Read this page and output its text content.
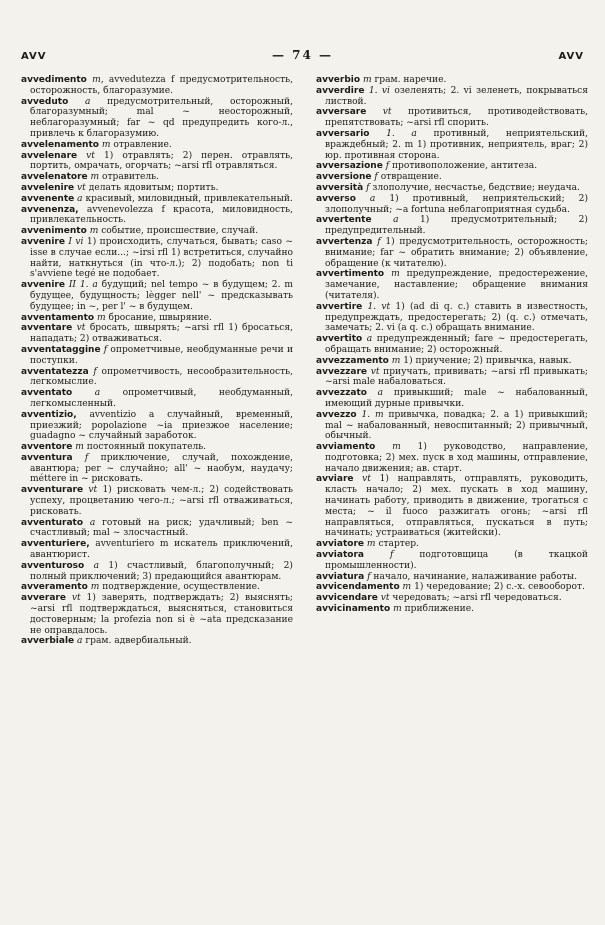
AVV	— 74 —	AVV

avvedimento m, avvedutezza f предусмотрительность, осторожность, благоразумие.

avveduto a предусмотрительный, осторожный, благоразумный; mal ~ неосторожный, неблагоразумный; far ~ qd предупредить кого-л., привлечь к благоразумию.

avvelenamento m отравление.

avvelenare vt 1) отравлять; 2) перен. отравлять, портить, омрачать, огорчать; ~arsi rfl отравляться.

avvelenatore m отравитель.

avvelenire vt делать ядовитым; портить.

avvenente a красивый, миловидный, привлекательный.

avvenenza, avvenevolezza f красота, миловидность, привлекательность.

avvenimento m событие, происшествие, случай.

avvenire I vi 1) происходить, случаться, бывать; caso ~ isse в случае если...; ~irsi rfl 1) встретиться, случайно найти, наткнуться (in что-л.); 2) подобать; non ti s'avviene tegé не подобает.

avvenire II 1. a будущий; nel tempo ~ в будущем; 2. m будущее, будущность; lègger nell' ~ предсказывать будущее; in ~, per l' ~ в будущем.

avventamento m бросание, швыряние.

avventare vt бросать, швырять; ~arsi rfl 1) бросаться, нападать; 2) отваживаться.

avventataggine f опрометчивые, необдуманные речи и поступки.

avventatezza f опрометчивость, несообразительность, легкомыслие.

avventato a опрометчивый, необдуманный, легкомысленный.

avventizio, avventizio a случайный, временный, приезжий; popolazione ~ia приезжое население; guadagno ~ случайный заработок.

avventore m постоянный покупатель.

avventura f приключение, случай, похождение, авантюра; per ~ случайно; all' ~ наобум, наудачу; méttere in ~ рисковать.

avventurare vt 1) рисковать чем-л.; 2) содействовать успеху, процветанию чего-л.; ~arsi rfl отваживаться, рисковать.

avventurato a готовый на риск; удачливый; ben ~ счастливый; mal ~ злосчастный.

avventuriere, avventuriero m искатель приключений, авантюрист.

avventuroso a 1) счастливый, благополучный; 2) полный приключений; 3) предающийся авантюрам.

avveramento m подтверждение, осуществление.

avverare vt 1) заверять, подтверждать; 2) выяснять; ~arsi rfl подтверждаться, выясняться, становиться достоверным; la profezia non si è ~ata предсказание не оправдалось.

avverbiale a грам. адвербиальный.

avverbio m грам. наречие.

avverdire 1. vi озеленять; 2. vi зеленеть, покрываться листвой.

avversare vt противиться, противодействовать, препятствовать; ~arsi rfl спорить.

avversario 1. a противный, неприятельский, враждебный; 2. m 1) противник, неприятель, враг; 2) юр. противная сторона.

avversazione f противоположение, антитеза.

avversione f отвращение.

avversità f злополучие, несчастье, бедствие; неудача.

avverso a 1) противный, неприятельский; 2) злополучный; ~a fortuna неблагоприятная судьба.

avvertente a 1) предусмотрительный; 2) предупредительный.

avvertenza f 1) предусмотрительность, осторожность; внимание; far ~ обратить внимание; 2) объявление, обращение (к читателю).

avvertimento m предупреждение, предостережение, замечание, наставление; обращение внимания (читателя).

avvertire 1. vt 1) (ad di q. c.) ставить в известность, предупреждать, предостерегать; 2) (q. c.) отмечать, замечать; 2. vi (a q. c.) обращать внимание.

avvertito a предупрежденный; fare ~ предостерегать, обращать внимание; 2) осторожный.

avvezzamento m 1) приучение; 2) привычка, навык.

avvezzare vt приучать, прививать; ~arsi rfl привыкать; ~arsi male набаловаться.

avvezzato a привыкший; male ~ набалованный, имеющий дурные привычки.

avvezzo 1. m привычка, повадка; 2. a 1) привыкший; mal ~ набалованный, невоспитанный; 2) привычный, обычный.

avviamento m 1) руководство, направление, подготовка; 2) мех. пуск в ход машины, отправление, начало движения; ав. старт.

avviare vt 1) направлять, отправлять, руководить, класть начало; 2) мех. пускать в ход машину, начинать работу, приводить в движение, трогаться с места; ~ il fuoco разжигать огонь; ~arsi rfl направляться, отправляться, пускаться в путь; начинать; устраиваться (житейски).

avviatore m стартер.

avviatora	f	подготовщица (в ткацкой промышленности).

avviatura f начало, начинание, налаживание работы.

avvicendamento m 1) чередование; 2) с.-х. севооборот.

avvicendare vt чередовать; ~arsi rfl чередоваться.

avvicinamento m приближение.
